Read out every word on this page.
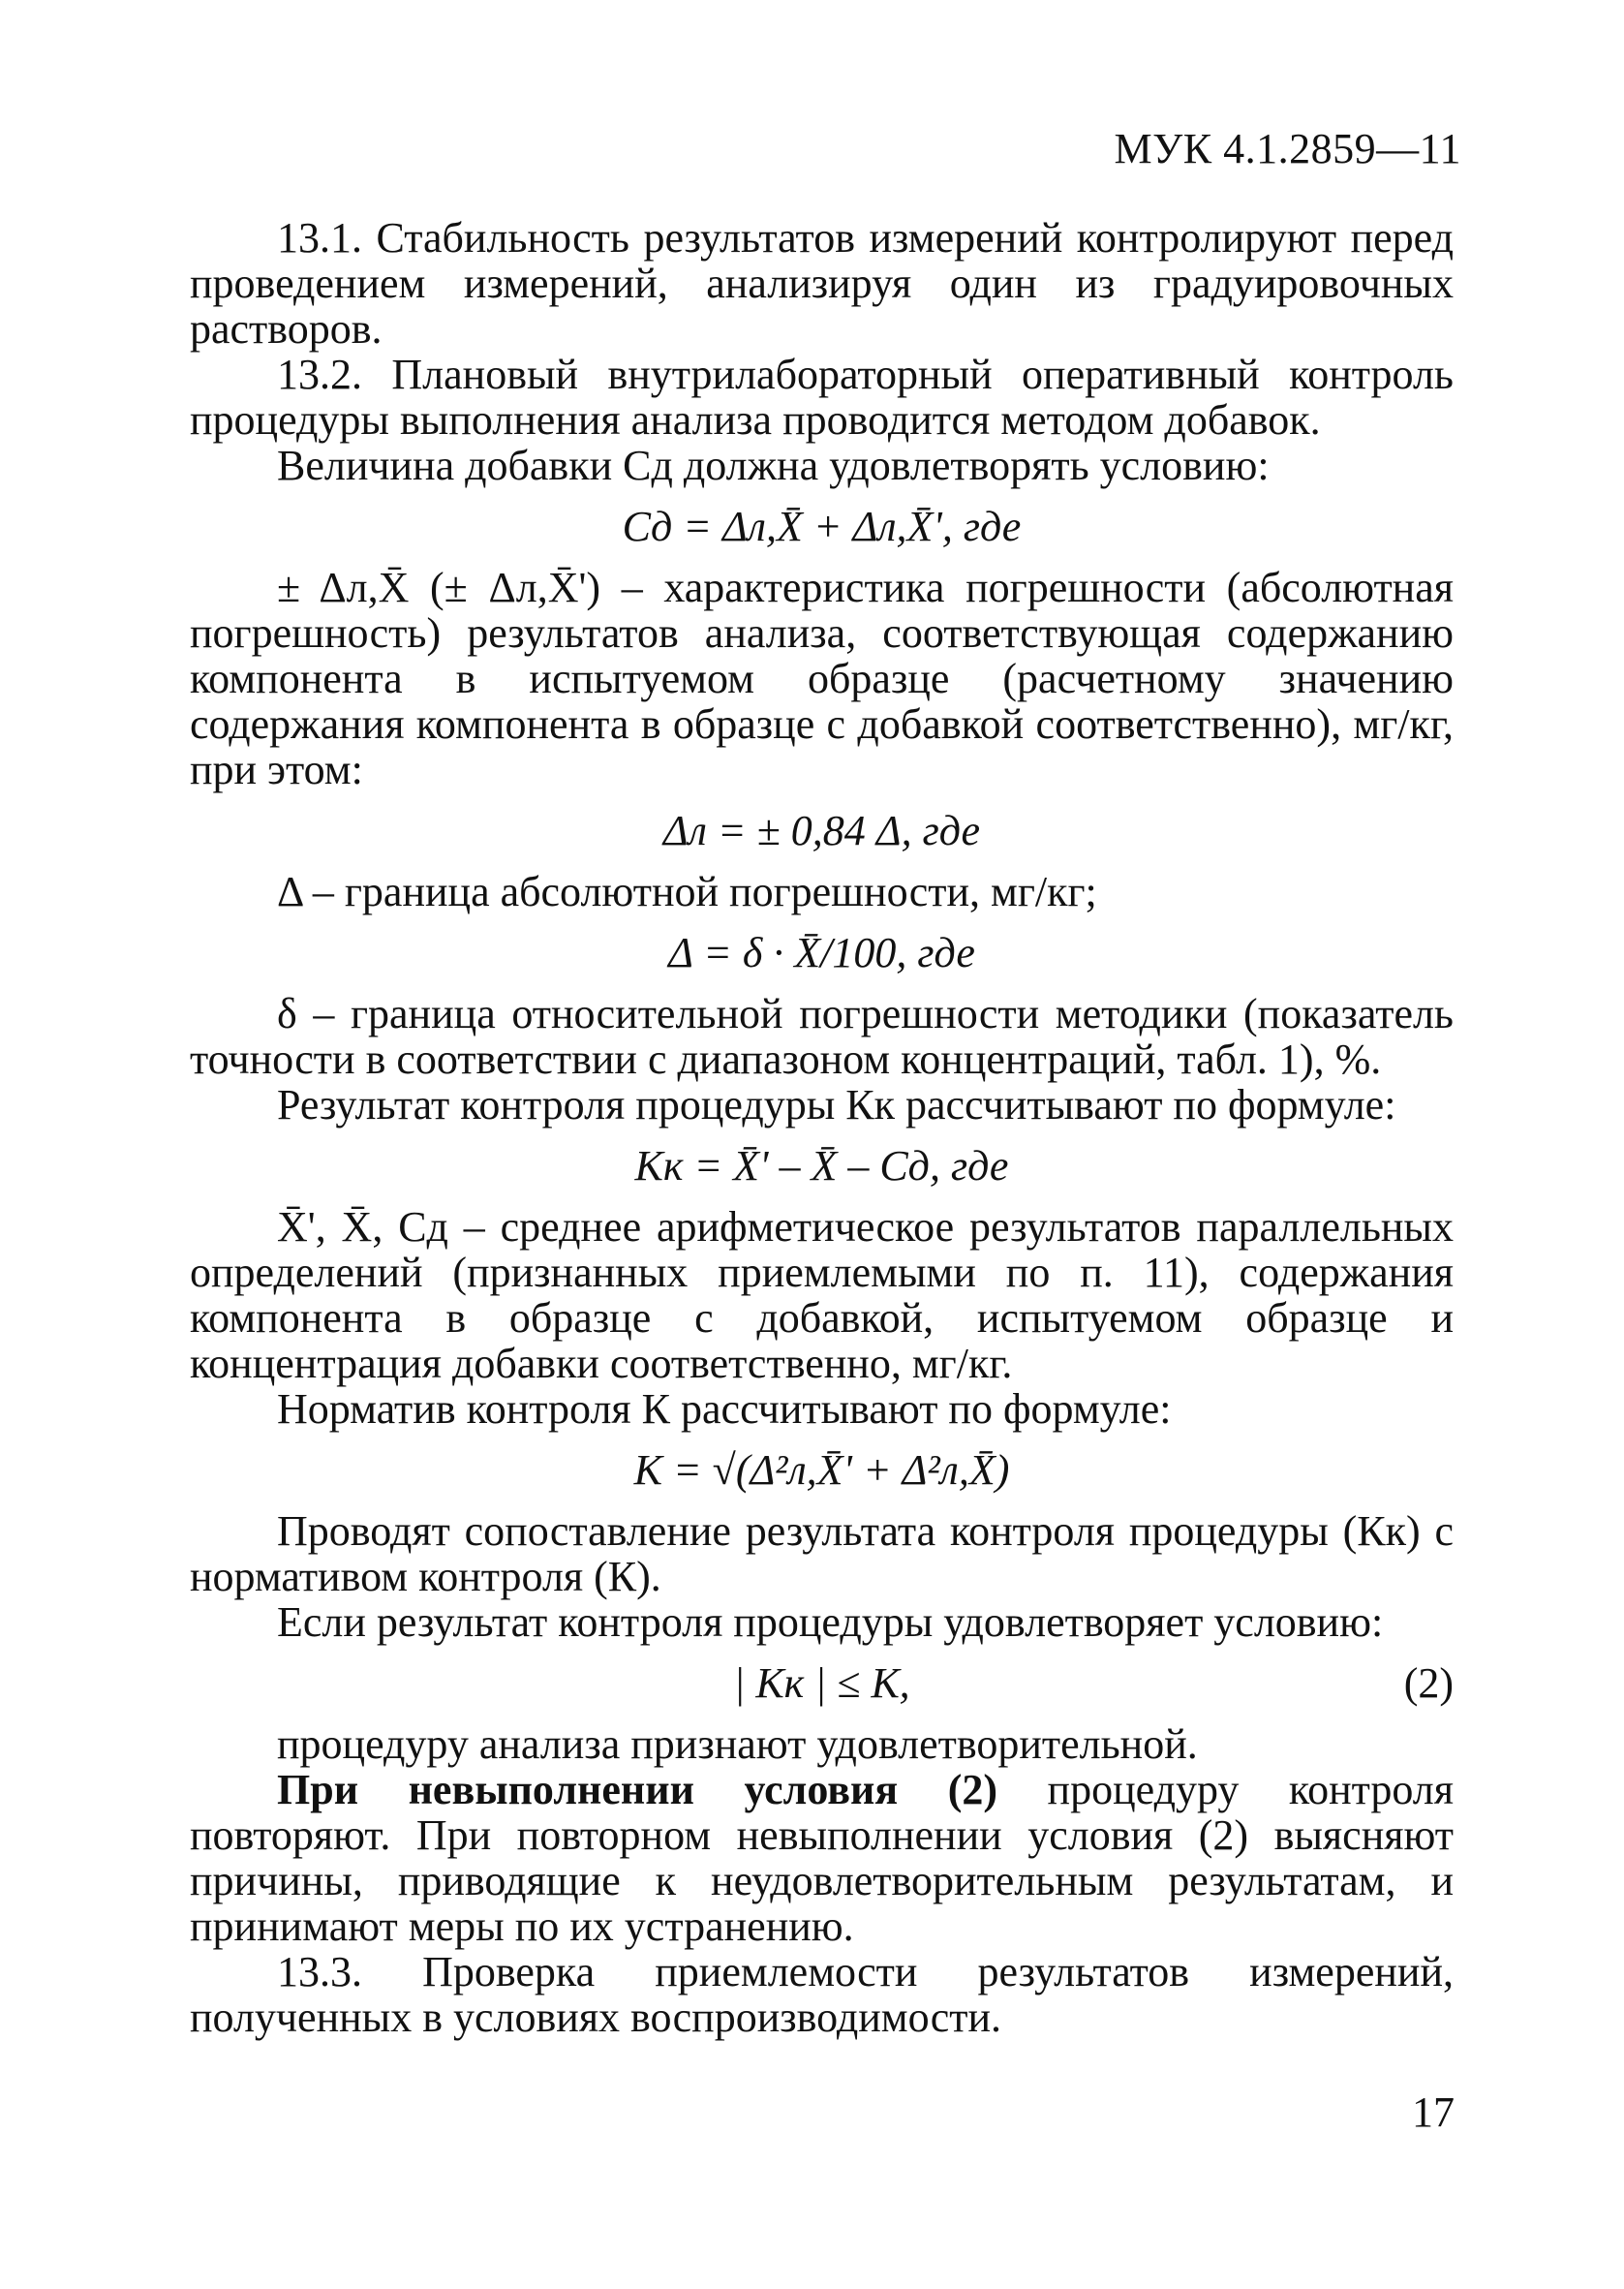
МУК 4.1.2859—11

13.1. Стабильность результатов измерений контролируют перед проведением измерений, анализируя один из градуировочных растворов.

13.2. Плановый внутрилабораторный оперативный контроль процедуры выполнения анализа проводится методом добавок.

Величина добавки Cд должна удовлетворять условию:

Cд = Δл,X̄ + Δл,X̄', где

± Δл,X̄ (± Δл,X̄') – характеристика погрешности (абсолютная погрешность) результатов анализа, соответствующая содержанию компонента в испытуемом образце (расчетному значению содержания компонента в образце с добавкой соответственно), мг/кг, при этом:

Δл = ± 0,84 Δ, где

Δ – граница абсолютной погрешности, мг/кг;

Δ = δ · X̄/100, где

δ – граница относительной погрешности методики (показатель точности в соответствии с диапазоном концентраций, табл. 1), %.

Результат контроля процедуры Кк рассчитывают по формуле:

Kк = X̄' – X̄ – Cд, где

X̄', X̄, Cд – среднее арифметическое результатов параллельных определений (признанных приемлемыми по п. 11), содержания компонента в образце с добавкой, испытуемом образце и концентрация добавки соответственно, мг/кг.

Норматив контроля К рассчитывают по формуле:

K = √(Δ²л,X̄' + Δ²л,X̄)

Проводят сопоставление результата контроля процедуры (Кк) с нормативом контроля (К).

Если результат контроля процедуры удовлетворяет условию:

| Кк | ≤ К,	(2)

процедуру анализа признают удовлетворительной.

При невыполнении условия (2) процедуру контроля повторяют. При повторном невыполнении условия (2) выясняют причины, приводящие к неудовлетворительным результатам, и принимают меры по их устранению.

13.3. Проверка приемлемости результатов измерений, полученных в условиях воспроизводимости.

17
